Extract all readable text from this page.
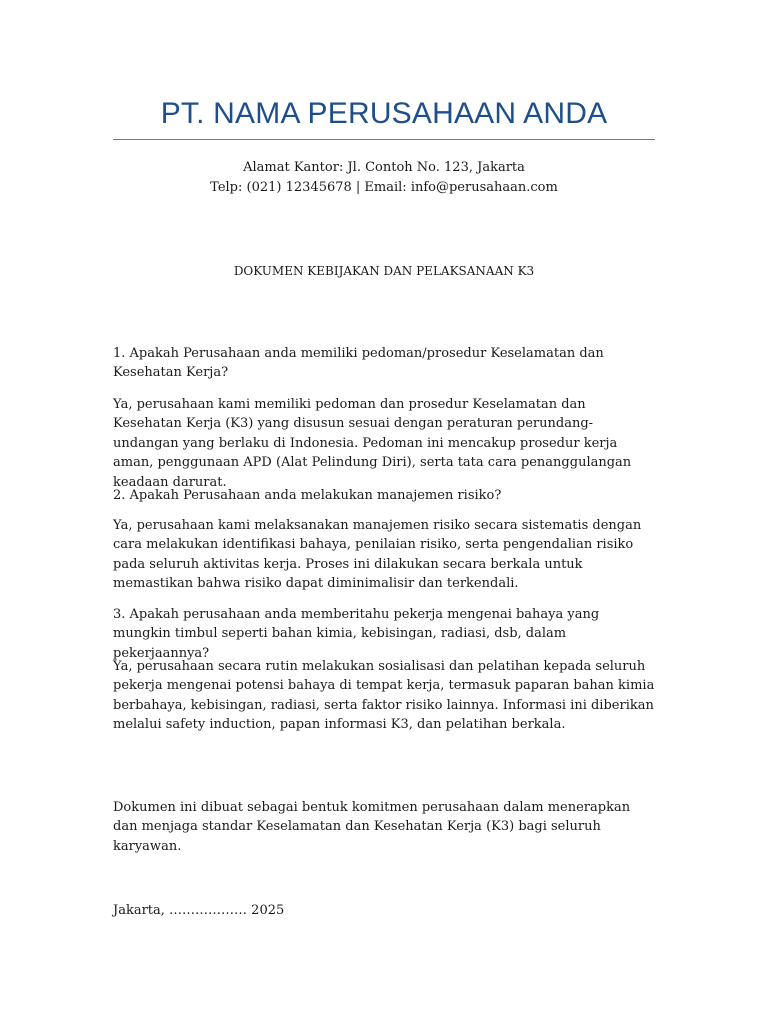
PT. NAMA PERUSAHAAN ANDA
Alamat Kantor: Jl. Contoh No. 123, Jakarta
Telp: (021) 12345678 | Email: info@perusahaan.com
DOKUMEN KEBIJAKAN DAN PELAKSANAAN K3

1. Apakah Perusahaan anda memiliki pedoman/prosedur Keselamatan dan Kesehatan Kerja?

Ya, perusahaan kami memiliki pedoman dan prosedur Keselamatan dan Kesehatan Kerja (K3) yang disusun sesuai dengan peraturan perundang-undangan yang berlaku di Indonesia. Pedoman ini mencakup prosedur kerja aman, penggunaan APD (Alat Pelindung Diri), serta tata cara penanggulangan keadaan darurat.

2. Apakah Perusahaan anda melakukan manajemen risiko?

Ya, perusahaan kami melaksanakan manajemen risiko secara sistematis dengan cara melakukan identifikasi bahaya, penilaian risiko, serta pengendalian risiko pada seluruh aktivitas kerja. Proses ini dilakukan secara berkala untuk memastikan bahwa risiko dapat diminimalisir dan terkendali.

3. Apakah perusahaan anda memberitahu pekerja mengenai bahaya yang mungkin timbul seperti bahan kimia, kebisingan, radiasi, dsb, dalam pekerjaannya?

Ya, perusahaan secara rutin melakukan sosialisasi dan pelatihan kepada seluruh pekerja mengenai potensi bahaya di tempat kerja, termasuk paparan bahan kimia berbahaya, kebisingan, radiasi, serta faktor risiko lainnya. Informasi ini diberikan melalui safety induction, papan informasi K3, dan pelatihan berkala.

Dokumen ini dibuat sebagai bentuk komitmen perusahaan dalam menerapkan dan menjaga standar Keselamatan dan Kesehatan Kerja (K3) bagi seluruh karyawan.

Jakarta, ……………… 2025
